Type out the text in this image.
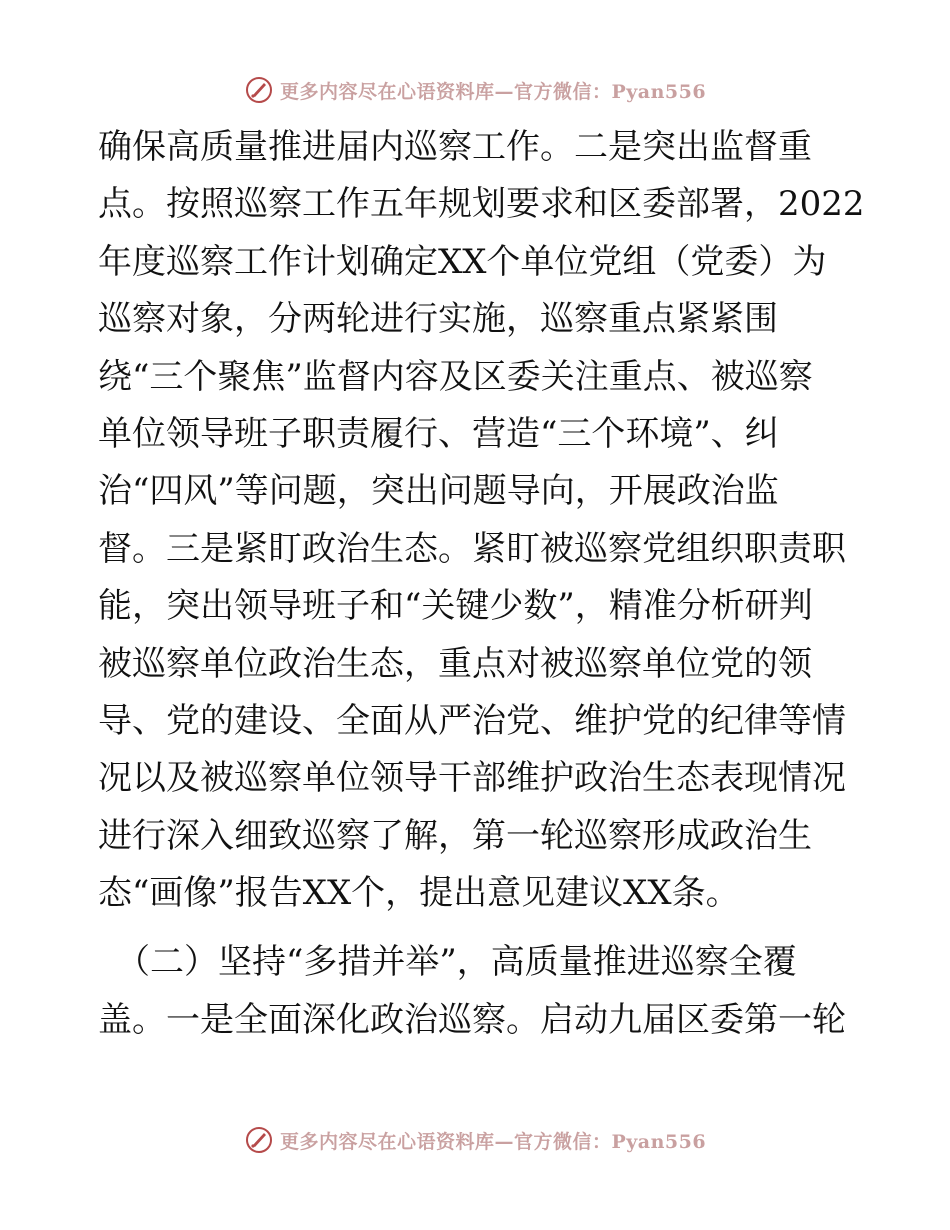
更多内容尽在心语资料库—官方微信：Pyan556
确保高质量推进届内巡察工作。二是突出监督重
点。按照巡察工作五年规划要求和区委部署，2022
年度巡察工作计划确定XX个单位党组（党委）为
巡察对象，分两轮进行实施，巡察重点紧紧围
绕“三个聚焦”监督内容及区委关注重点、被巡察
单位领导班子职责履行、营造“三个环境”、纠
治“四风”等问题，突出问题导向，开展政治监
督。三是紧盯政治生态。紧盯被巡察党组织职责职
能，突出领导班子和“关键少数”，精准分析研判
被巡察单位政治生态，重点对被巡察单位党的领
导、党的建设、全面从严治党、维护党的纪律等情
况以及被巡察单位领导干部维护政治生态表现情况
进行深入细致巡察了解，第一轮巡察形成政治生
态“画像”报告XX个，提出意见建议XX条。
（二）坚持“多措并举”，高质量推进巡察全覆
盖。一是全面深化政治巡察。启动九届区委第一轮
更多内容尽在心语资料库—官方微信：Pyan556
